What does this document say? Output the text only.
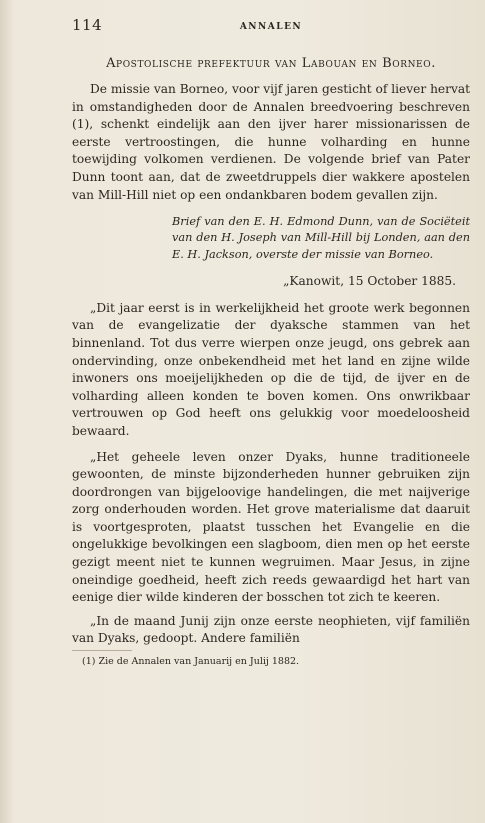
114	ANNALEN
Apostolische prefektuur van Labouan en Borneo.

De missie van Borneo, voor vijf jaren gesticht of liever hervat in omstandigheden door de Annalen breedvoering beschreven (1), schenkt eindelijk aan den ijver harer missionarissen de eerste vertroostingen, die hunne volharding en hunne toewijding volkomen verdienen. De volgende brief van Pater Dunn toont aan, dat de zweetdruppels dier wakkere apostelen van Mill-Hill niet op een ondankbaren bodem gevallen zijn.

Brief van den E. H. Edmond Dunn, van de Sociëteit van den H. Joseph van Mill-Hill bij Londen, aan den E. H. Jackson, overste der missie van Borneo.

„Kanowit, 15 October 1885.

„Dit jaar eerst is in werkelijkheid het groote werk begonnen van de evangelizatie der dyaksche stammen van het binnenland. Tot dus verre wierpen onze jeugd, ons gebrek aan ondervinding, onze onbekendheid met het land en zijne wilde inwoners ons moeijelijkheden op die de tijd, de ijver en de volharding alleen konden te boven komen. Ons onwrikbaar vertrouwen op God heeft ons gelukkig voor moedeloosheid bewaard.

„Het geheele leven onzer Dyaks, hunne traditioneele gewoonten, de minste bijzonderheden hunner gebruiken zijn doordrongen van bijgeloovige handelingen, die met naijverige zorg onderhouden worden. Het grove materialisme dat daaruit is voortgesproten, plaatst tusschen het Evangelie en die ongelukkige bevolkingen een slagboom, dien men op het eerste gezigt meent niet te kunnen wegruimen. Maar Jesus, in zijne oneindige goedheid, heeft zich reeds gewaardigd het hart van eenige dier wilde kinderen der bosschen tot zich te keeren.

„In de maand Junij zijn onze eerste neophieten, vijf familiën van Dyaks, gedoopt. Andere familiën

(1) Zie de Annalen van Januarij en Julij 1882.
